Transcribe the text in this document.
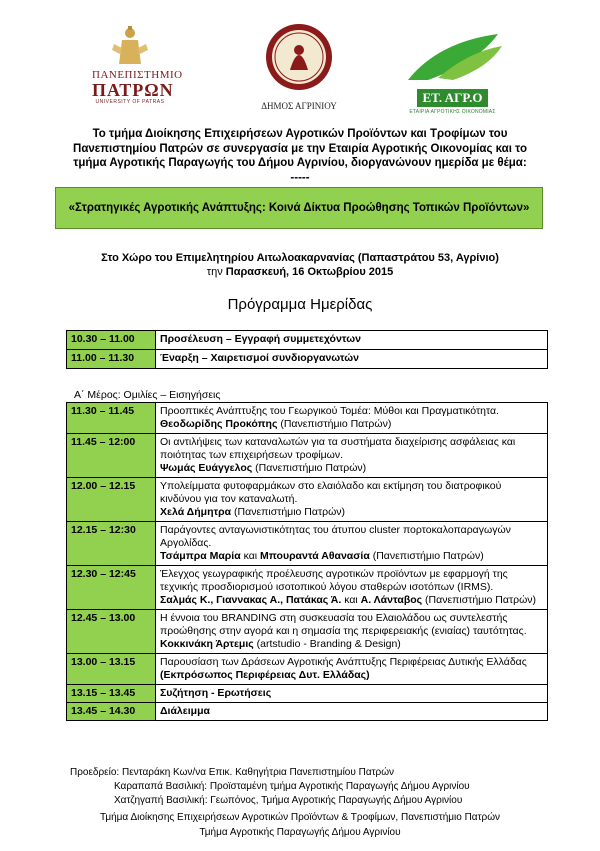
ΠΑΝΕΠΙΣΤΗΜΙΟ
ΠΑΤΡΩΝ
UNIVERSITY OF PATRAS	ΔΗΜΟΣ ΑΓΡΙΝΙΟΥ
ΕΤ. ΑΓΡ.Ο
ΕΤΑΙΡΙΑ ΑΓΡΟΤΙΚΗΣ ΟΙΚΟΝΟΜΙΑΣ
Το τμήμα Διοίκησης Επιχειρήσεων Αγροτικών Προϊόντων και Τροφίμων του
Πανεπιστημίου Πατρών σε συνεργασία με την Εταιρία Αγροτικής Οικονομίας και το
τμήμα Αγροτικής Παραγωγής του Δήμου Αγρινίου, διοργανώνουν ημερίδα με θέμα:
-----
«Στρατηγικές Αγροτικής Ανάπτυξης: Κοινά Δίκτυα Προώθησης Τοπικών Προϊόντων»
Στο Χώρο του Επιμελητηρίου Αιτωλοακαρνανίας (Παπαστράτου 53, Αγρίνιο)
την Παρασκευή, 16 Οκτωβρίου 2015
Πρόγραμμα Ημερίδας
10.30 – 11.00	Προσέλευση – Εγγραφή συμμετεχόντων
11.00 – 11.30	Έναρξη – Χαιρετισμοί συνδιοργανωτών
Α΄ Μέρος: Ομιλίες – Εισηγήσεις
11.30 – 11.45	Προοπτικές Ανάπτυξης του Γεωργικού Τομέα: Μύθοι και Πραγματικότητα.
Θεοδωρίδης Προκόπης (Πανεπιστήμιο Πατρών)

11.45 – 12:00	Οι αντιλήψεις των καταναλωτών για τα συστήματα διαχείρισης ασφάλειας και ποιότητας των επιχειρήσεων τροφίμων.
Ψωμάς Ευάγγελος (Πανεπιστήμιο Πατρών)

12.00 – 12.15	Υπολείμματα φυτοφαρμάκων στο ελαιόλαδο και εκτίμηση του διατροφικού κινδύνου για τον καταναλωτή.
Χελά Δήμητρα (Πανεπιστήμιο Πατρών)

12.15 – 12:30	Παράγοντες ανταγωνιστικότητας του άτυπου cluster πορτοκαλοπαραγωγών Αργολίδας.
Τσάμπρα Μαρία και Μπουραντά Αθανασία (Πανεπιστήμιο Πατρών)

12.30 – 12:45	Έλεγχος γεωγραφικής προέλευσης αγροτικών προϊόντων με εφαρμογή της τεχνικής προσδιορισμού ισοτοπικού λόγου σταθερών ισοτόπων (IRMS).
Σαλμάς Κ., Γιαννακας Α., Πατάκας Ά. και Α. Λάνταβος (Πανεπιστήμιο Πατρών)

12.45 – 13.00	Η έννοια του BRANDING στη συσκευασία του Ελαιολάδου ως συντελεστής προώθησης στην αγορά και η σημασία της περιφερειακής (ενιαίας) ταυτότητας.
Κοκκινάκη Άρτεμις (artstudio - Branding & Design)

13.00 – 13.15	Παρουσίαση των Δράσεων Αγροτικής Ανάπτυξης Περιφέρειας Δυτικής Ελλάδας (Εκπρόσωπος Περιφέρειας Δυτ. Ελλάδας)
13.15 – 13.45	Συζήτηση - Ερωτήσεις
13.45 – 14.30	Διάλειμμα
Προεδρείο: Πενταράκη Κων/να Επικ. Καθηγήτρια Πανεπιστημίου Πατρών
Καραπαπά Βασιλική: Προϊσταμένη τμήμα Αγροτικής Παραγωγής Δήμου Αγρινίου
Χατζηγαπή Βασιλική: Γεωπόνος, Τμήμα Αγροτικής Παραγωγής Δήμου Αγρινίου
Τμήμα Διοίκησης Επιχειρήσεων Αγροτικών Προϊόντων & Τροφίμων, Πανεπιστήμιο Πατρών
Τμήμα Αγροτικής Παραγωγής Δήμου Αγρινίου
